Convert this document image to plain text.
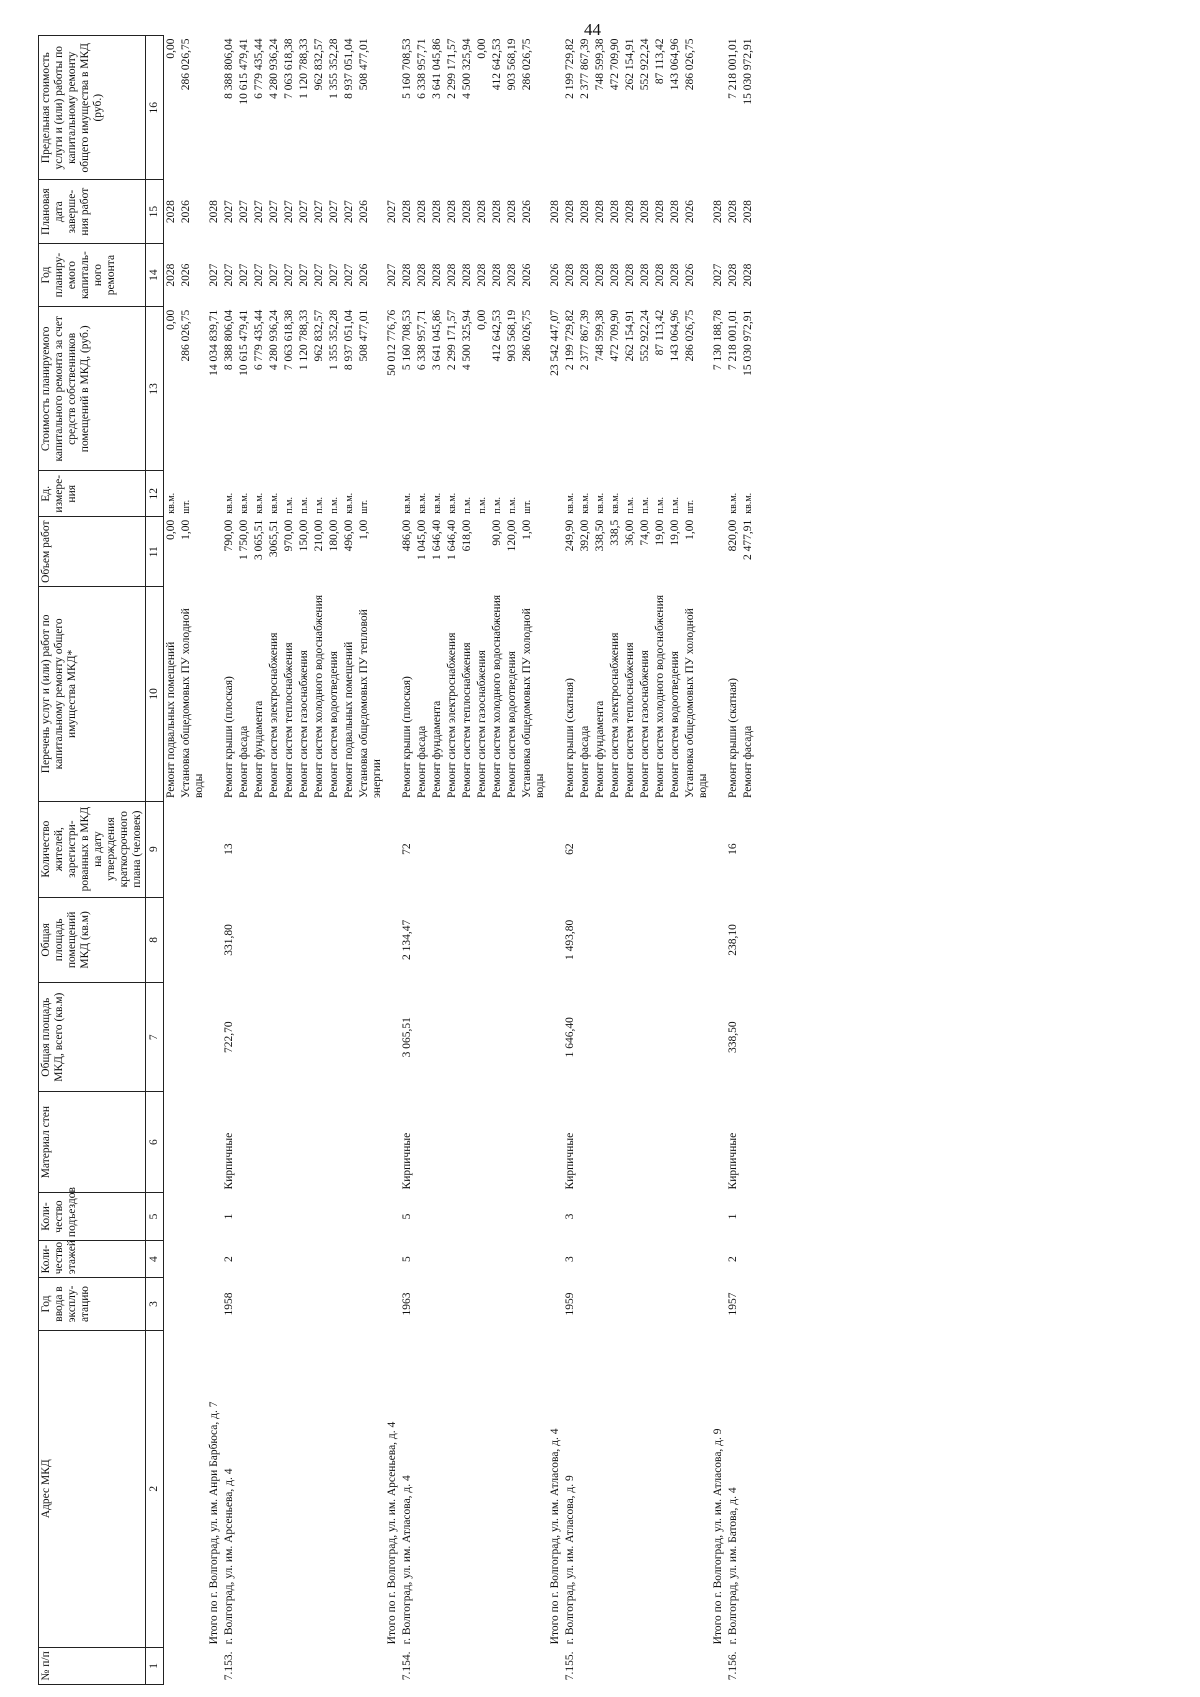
44
№ п/п	Адрес МКД	Год ввода в эксплу-атацию	Коли-чество этажей	Коли-чество подъездов	Материал стен	Общая площадь МКД, всего (кв.м)	Общая площадь помещений МКД (кв.м)	Количество жителей, зарегистри-рованных в МКД на дату утверждения краткосрочного плана (человек)	Перечень услуг и (или) работ по капитальному ремонту общего имущества МКД*	Объем работ	Ед. измере-ния	Стоимость планируемого капитального ремонта за счет средств собственников помещений в МКД, (руб.)	Год планиру-емого капиталь-ного ремонта	Плановая дата заверше-ния работ	Предельная стоимость услуги и (или) работы по капитальному ремонту общего имущества в МКД (руб.)
1	2	3	4	5	6	7	8	9	10	11	12	13	14	15	16
									Ремонт подвальных помещений	0,00	кв.м.	0,00	2028	2028	0,00
									Установка общедомовых ПУ холодной воды	1,00	шт.	286 026,75	2026	2026	286 026,75
	Итого по г. Волгоград, ул. им. Анри Барбюса, д. 7											14 034 839,71	2027	2028	
7.153.	г. Волгоград, ул. им. Арсеньева, д. 4	1958	2	1	Кирпичные	722,70	331,80	13	Ремонт крыши (плоская)	790,00	кв.м.	8 388 806,04	2027	2027	8 388 806,04
									Ремонт фасада	1 750,00	кв.м.	10 615 479,41	2027	2027	10 615 479,41
									Ремонт фундамента	3 065,51	кв.м.	6 779 435,44	2027	2027	6 779 435,44
									Ремонт систем электроснабжения	3065,51	кв.м.	4 280 936,24	2027	2027	4 280 936,24
									Ремонт систем теплоснабжения	970,00	п.м.	7 063 618,38	2027	2027	7 063 618,38
									Ремонт систем газоснабжения	150,00	п.м.	1 120 788,33	2027	2027	1 120 788,33
									Ремонт систем холодного водоснабжения	210,00	п.м.	962 832,57	2027	2027	962 832,57
									Ремонт систем водоотведения	180,00	п.м.	1 355 352,28	2027	2027	1 355 352,28
									Ремонт подвальных помещений	496,00	кв.м.	8 937 051,04	2027	2027	8 937 051,04
									Установка общедомовых ПУ тепловой энергии	1,00	шт.	508 477,01	2026	2026	508 477,01
	Итого по г. Волгоград, ул. им. Арсеньева, д. 4											50 012 776,76	2027	2027	
7.154.	г. Волгоград, ул. им. Атласова, д. 4	1963	5	5	Кирпичные	3 065,51	2 134,47	72	Ремонт крыши (плоская)	486,00	кв.м.	5 160 708,53	2028	2028	5 160 708,53
									Ремонт фасада	1 045,00	кв.м.	6 338 957,71	2028	2028	6 338 957,71
									Ремонт фундамента	1 646,40	кв.м.	3 641 045,86	2028	2028	3 641 045,86
									Ремонт систем электроснабжения	1 646,40	кв.м.	2 299 171,57	2028	2028	2 299 171,57
									Ремонт систем теплоснабжения	618,00	п.м.	4 500 325,94	2028	2028	4 500 325,94
									Ремонт систем газоснабжения		п.м.	0,00	2028	2028	0,00
									Ремонт систем холодного водоснабжения	90,00	п.м.	412 642,53	2028	2028	412 642,53
									Ремонт систем водоотведения	120,00	п.м.	903 568,19	2028	2028	903 568,19
									Установка общедомовых ПУ холодной воды	1,00	шт.	286 026,75	2026	2026	286 026,75
	Итого по г. Волгоград, ул. им. Атласова, д. 4											23 542 447,07	2026	2028	
7.155.	г. Волгоград, ул. им. Атласова, д. 9	1959	3	3	Кирпичные	1 646,40	1 493,80	62	Ремонт крыши (скатная)	249,90	кв.м.	2 199 729,82	2028	2028	2 199 729,82
									Ремонт фасада	392,00	кв.м.	2 377 867,39	2028	2028	2 377 867,39
									Ремонт фундамента	338,50	кв.м.	748 599,38	2028	2028	748 599,38
									Ремонт систем электроснабжения	338,5	кв.м.	472 709,90	2028	2028	472 709,90
									Ремонт систем теплоснабжения	36,00	п.м.	262 154,91	2028	2028	262 154,91
									Ремонт систем газоснабжения	74,00	п.м.	552 922,24	2028	2028	552 922,24
									Ремонт систем холодного водоснабжения	19,00	п.м.	87 113,42	2028	2028	87 113,42
									Ремонт систем водоотведения	19,00	п.м.	143 064,96	2028	2028	143 064,96
									Установка общедомовых ПУ холодной воды	1,00	шт.	286 026,75	2026	2026	286 026,75
	Итого по г. Волгоград, ул. им. Атласова, д. 9											7 130 188,78	2027	2028	
7.156.	г. Волгоград, ул. им. Батова, д. 4	1957	2	1	Кирпичные	338,50	238,10	16	Ремонт крыши (скатная)	820,00	кв.м.	7 218 001,01	2028	2028	7 218 001,01
									Ремонт фасада	2 477,91	кв.м.	15 030 972,91	2028	2028	15 030 972,91
